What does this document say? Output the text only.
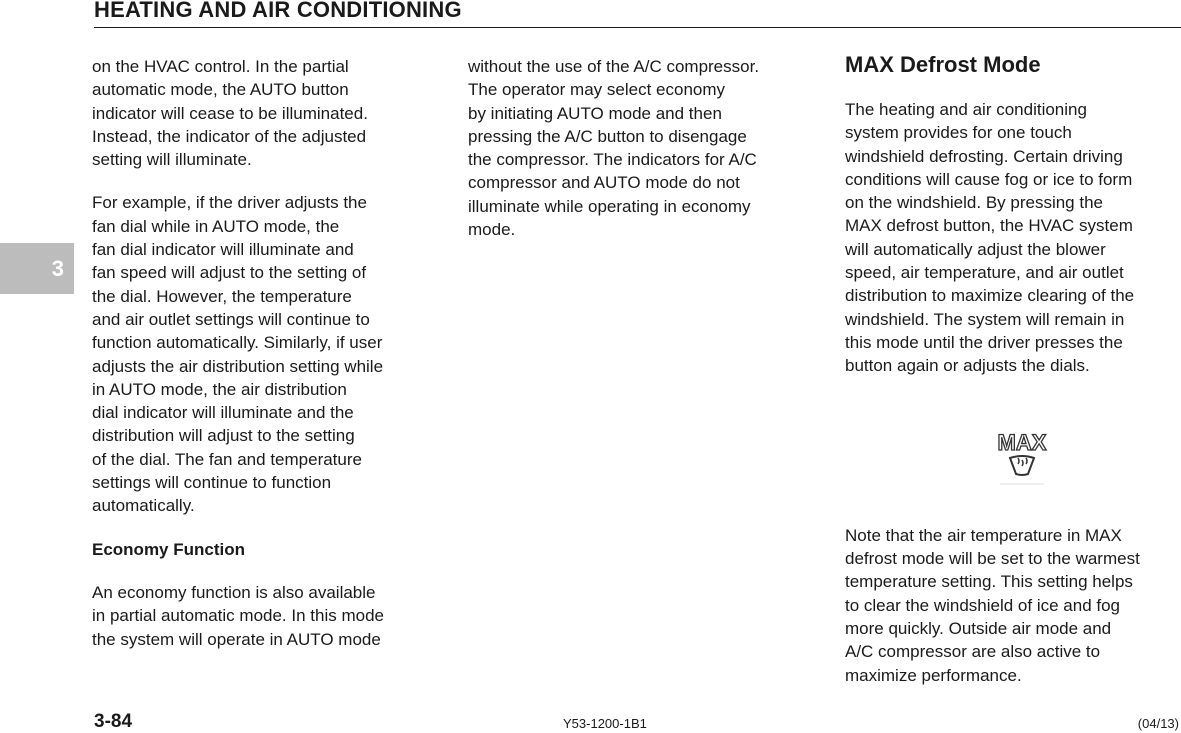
HEATING AND AIR CONDITIONING
3

on the HVAC control. In the partial
automatic mode, the AUTO button
indicator will cease to be illuminated.
Instead, the indicator of the adjusted
setting will illuminate.

For example, if the driver adjusts the
fan dial while in AUTO mode, the
fan dial indicator will illuminate and
fan speed will adjust to the setting of
the dial. However, the temperature
and air outlet settings will continue to
function automatically. Similarly, if user
adjusts the air distribution setting while
in AUTO mode, the air distribution
dial indicator will illuminate and the
distribution will adjust to the setting
of the dial. The fan and temperature
settings will continue to function
automatically.

Economy Function

An economy function is also available
in partial automatic mode. In this mode
the system will operate in AUTO mode

without the use of the A/C compressor.
The operator may select economy
by initiating AUTO mode and then
pressing the A/C button to disengage
the compressor. The indicators for A/C
compressor and AUTO mode do not
illuminate while operating in economy
mode.

MAX Defrost Mode

The heating and air conditioning
system provides for one touch
windshield defrosting. Certain driving
conditions will cause fog or ice to form
on the windshield. By pressing the
MAX defrost button, the HVAC system
will automatically adjust the blower
speed, air temperature, and air outlet
distribution to maximize clearing of the
windshield. The system will remain in
this mode until the driver presses the
button again or adjusts the dials.

MAX

Note that the air temperature in MAX
defrost mode will be set to the warmest
temperature setting. This setting helps
to clear the windshield of ice and fog
more quickly. Outside air mode and
A/C compressor are also active to
maximize performance.

3-84	Y53-1200-1B1	(04/13)
